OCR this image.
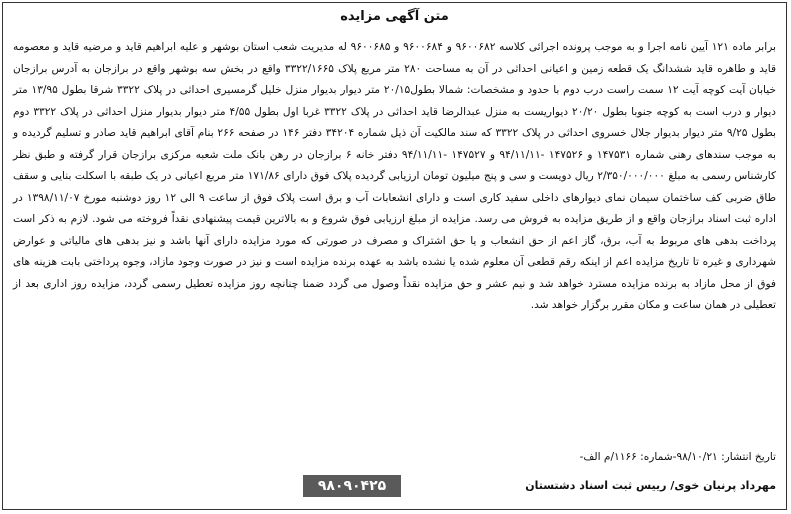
متن آگهی مزایده

برابر ماده ۱۲۱ آیین نامه اجرا و به موجب پرونده اجرائی کلاسه ۹۶۰۰۶۸۲ و ۹۶۰۰۶۸۴ و ۹۶۰۰۶۸۵ له مدیریت شعب استان بوشهر و علیه ابراهیم قاید و مرضیه قاید و معصومه قاید و طاهره قاید ششدانگ یک قطعه زمین و اعیانی احداثی در آن به مساحت ۲۸۰ متر مربع پلاک ۳۳۲۲/۱۶۶۵ واقع در بخش سه بوشهر واقع در برازجان به آدرس برازجان خیابان آیت کوچه آیت ۱۲ سمت راست درب دوم با حدود و مشخصات: شمالا بطول۲۰/۱۵ متر دیوار بدیوار منزل خلیل گرمسیری احداثی در پلاک ۳۳۲۲ شرقا بطول ۱۳/۹۵ متر دیوار و درب است به کوچه جنوبا بطول ۲۰/۲۰ دیواریست به منزل عبدالرضا قاید احداثی در پلاک ۳۳۲۲ غربا اول بطول ۴/۵۵ متر دیوار بدیوار منزل احداثی در پلاک ۳۳۲۲ دوم بطول ۹/۲۵ متر دیوار بدیوار جلال خسروی احداثی در پلاک ۳۳۲۲ که سند مالکیت آن ذیل شماره ۳۴۲۰۴ دفتر ۱۴۶ در صفحه ۲۶۶ بنام آقای ابراهیم قاید صادر و تسلیم گردیده و به موجب سندهای رهنی شماره ۱۴۷۵۳۱ و ۱۴۷۵۲۶ -۹۴/۱۱/۱۱ و ۱۴۷۵۲۷ -۹۴/۱۱/۱۱ دفتر خانه ۶ برازجان در رهن بانک ملت شعبه مرکزی برازجان قرار گرفته و طبق نظر کارشناس رسمی به مبلغ ۲/۳۵۰/۰۰۰/۰۰۰ ریال دویست و سی و پنج میلیون تومان ارزیابی گردیده پلاک فوق دارای ۱۷۱/۸۶ متر مربع اعیانی در یک طبقه با اسکلت بنایی و سقف طاق ضربی کف ساختمان سیمان نمای دیوارهای داخلی سفید کاری است و دارای انشعابات آب و برق است پلاک فوق از ساعت ۹ الی ۱۲ روز دوشنبه مورخ ۱۳۹۸/۱۱/۰۷ در اداره ثبت اسناد برازجان واقع و از طریق مزایده به فروش می رسد. مزایده از مبلغ ارزیابی فوق شروع و به بالاترین قیمت پیشنهادی نقداً فروخته می شود. لازم به ذکر است پرداخت بدهی های مربوط به آب، برق، گاز اعم از حق انشعاب و یا حق اشتراک و مصرف در صورتی که مورد مزایده دارای آنها باشد و نیز بدهی های مالیاتی و عوارض شهرداری و غیره تا تاریخ مزایده اعم از اینکه رقم قطعی آن معلوم شده یا نشده باشد به عهده برنده مزایده است و نیز در صورت وجود مازاد، وجوه پرداختی بابت هزینه های فوق از محل مازاد به برنده مزایده مسترد خواهد شد و نیم عشر و حق مزایده نقداً وصول می گردد ضمنا چنانچه روز مزایده تعطیل رسمی گردد، مزایده روز اداری بعد از تعطیلی در همان ساعت و مکان مقرر برگزار خواهد شد.

تاریخ انتشار: ۹۸/۱۰/۲۱-شماره: ۱۱۶۶/م الف-
۹۸۰۹۰۴۲۵	مهرداد پرنیان خوی/ رییس ثبت اسناد دشتستان
